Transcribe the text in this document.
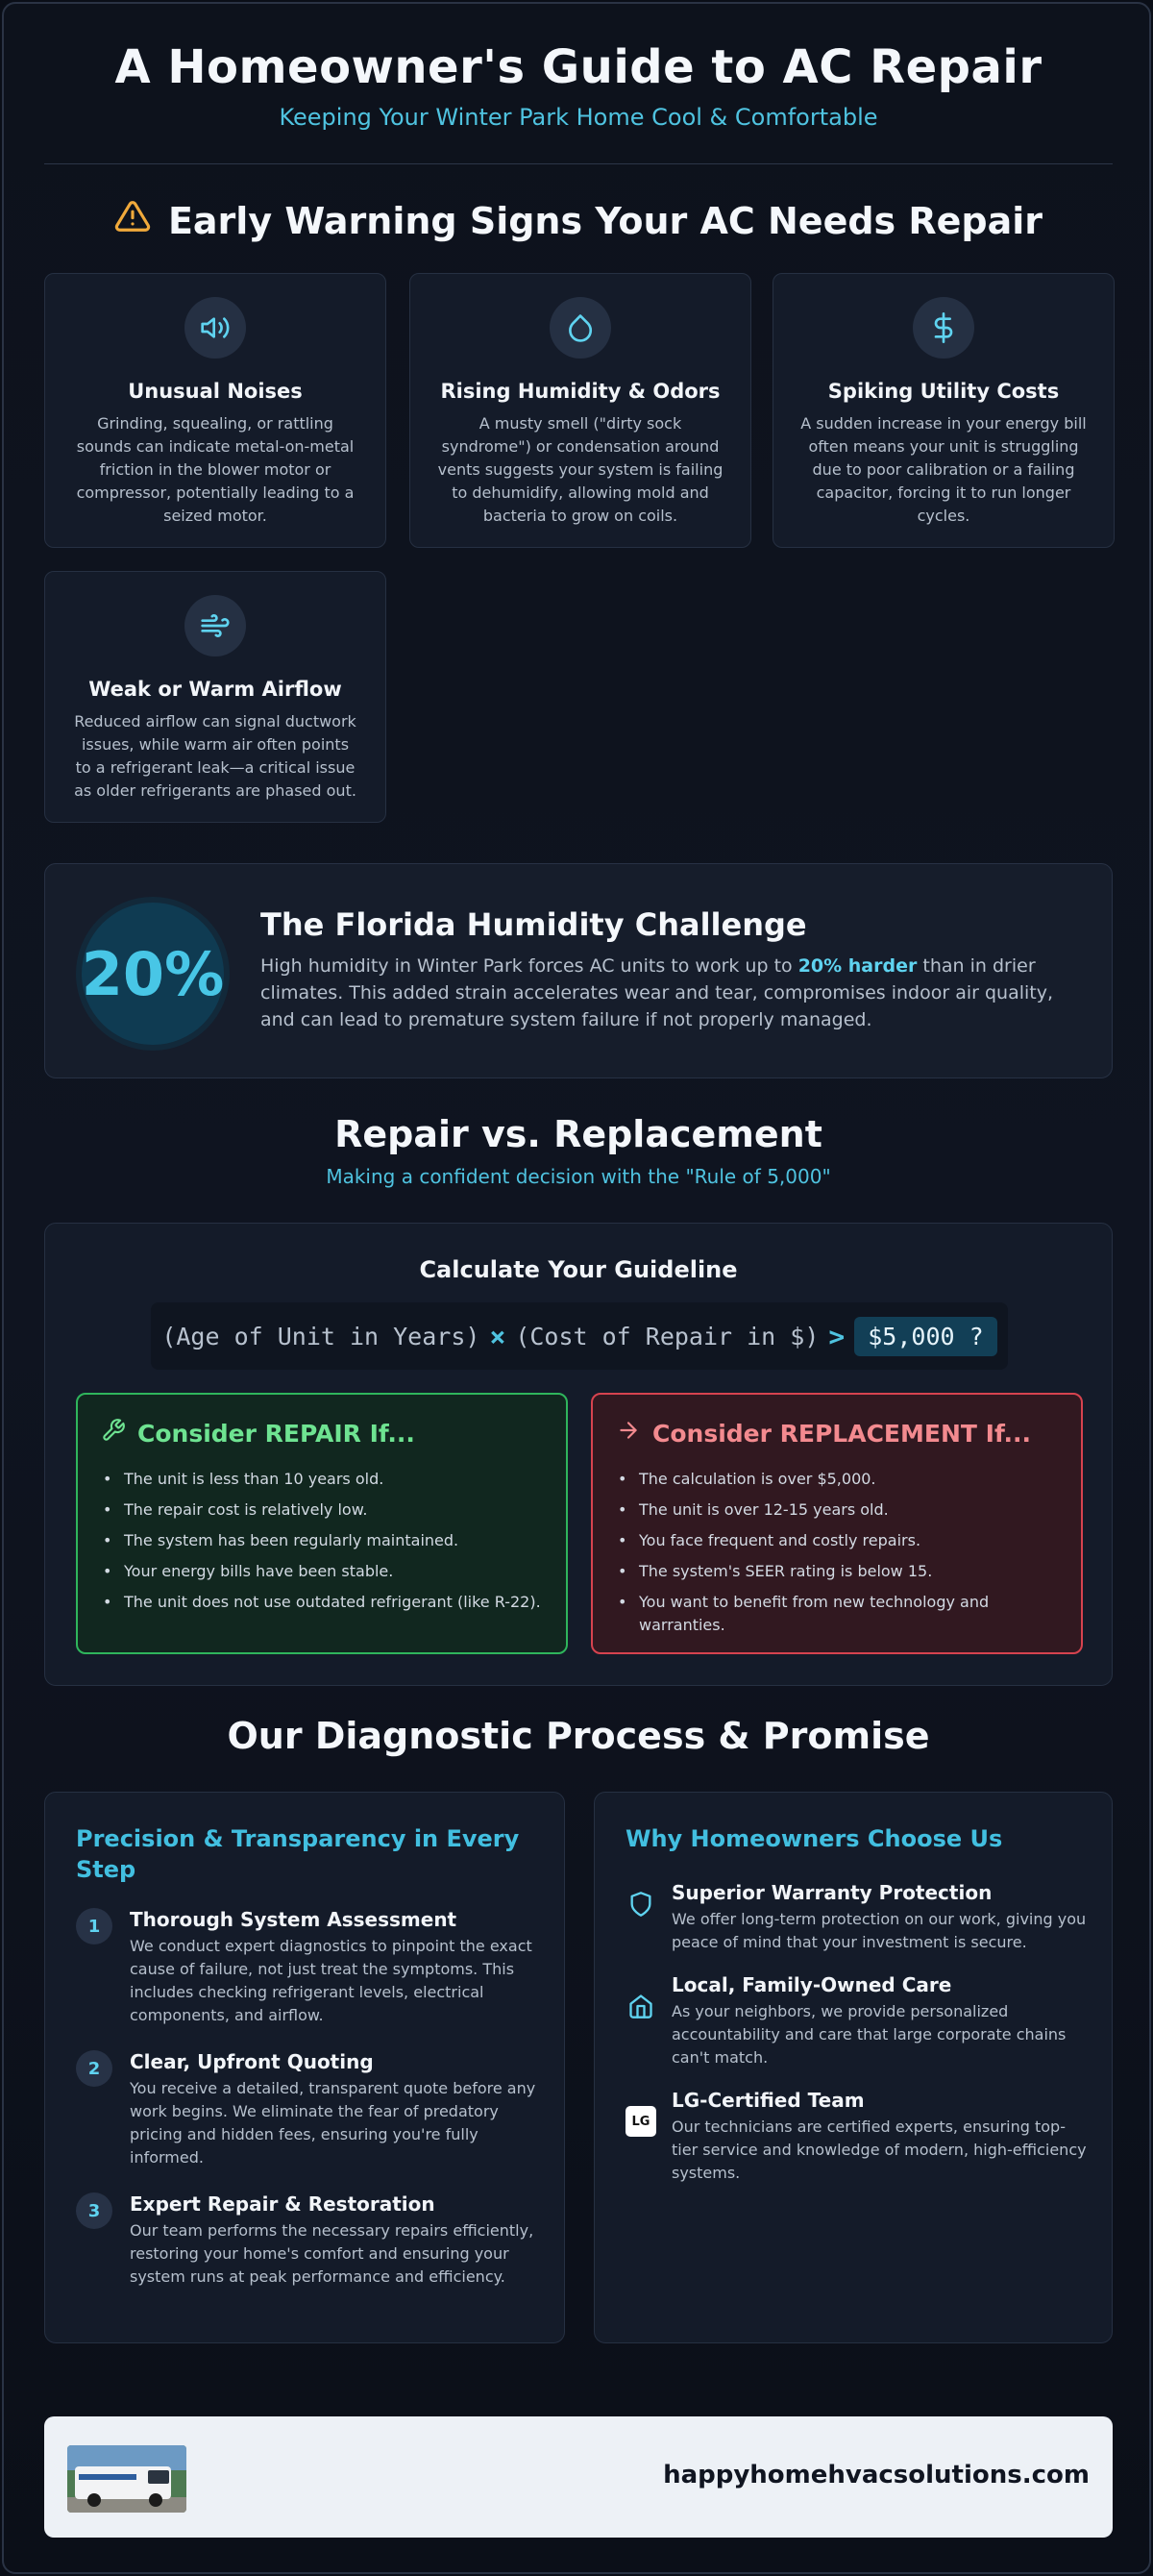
A Homeowner's Guide to AC Repair
Keeping Your Winter Park Home Cool & Comfortable
Early Warning Signs Your AC Needs Repair
Unusual Noises

Grinding, squealing, or rattling sounds can indicate metal-on-metal friction in the blower motor or compressor, potentially leading to a seized motor.

Rising Humidity & Odors

A musty smell ("dirty sock syndrome") or condensation around vents suggests your system is failing to dehumidify, allowing mold and bacteria to grow on coils.

Spiking Utility Costs

A sudden increase in your energy bill often means your unit is struggling due to poor calibration or a failing capacitor, forcing it to run longer cycles.

Weak or Warm Airflow

Reduced airflow can signal ductwork issues, while warm air often points to a refrigerant leak—a critical issue as older refrigerants are phased out.

20%
The Florida Humidity Challenge
High humidity in Winter Park forces AC units to work up to 20% harder than in drier climates. This added strain accelerates wear and tear, compromises indoor air quality, and can lead to premature system failure if not properly managed.
Repair vs. Replacement
Making a confident decision with the "Rule of 5,000"
Calculate Your Guideline
(Age of Unit in Years) × (Cost of Repair in $) > $5,000 ?
Consider REPAIR If...
• The unit is less than 10 years old.
• The repair cost is relatively low.
• The system has been regularly maintained.
• Your energy bills have been stable.
• The unit does not use outdated refrigerant (like R-22).
Consider REPLACEMENT If...
• The calculation is over $5,000.
• The unit is over 12-15 years old.
• You face frequent and costly repairs.
• The system's SEER rating is below 15.
• You want to benefit from new technology and warranties.
Our Diagnostic Process & Promise
Precision & Transparency in Every Step
1	Thorough System Assessment

We conduct expert diagnostics to pinpoint the exact cause of failure, not just treat the symptoms. This includes checking refrigerant levels, electrical components, and airflow.

2	Clear, Upfront Quoting

You receive a detailed, transparent quote before any work begins. We eliminate the fear of predatory pricing and hidden fees, ensuring you're fully informed.

3	Expert Repair & Restoration

Our team performs the necessary repairs efficiently, restoring your home's comfort and ensuring your system runs at peak performance and efficiency.

Why Homeowners Choose Us
Superior Warranty Protection

We offer long-term protection on our work, giving you peace of mind that your investment is secure.

Local, Family-Owned Care

As your neighbors, we provide personalized accountability and care that large corporate chains can't match.

LG
LG-Certified Team

Our technicians are certified experts, ensuring top-tier service and knowledge of modern, high-efficiency systems.

happyhomehvacsolutions.com
